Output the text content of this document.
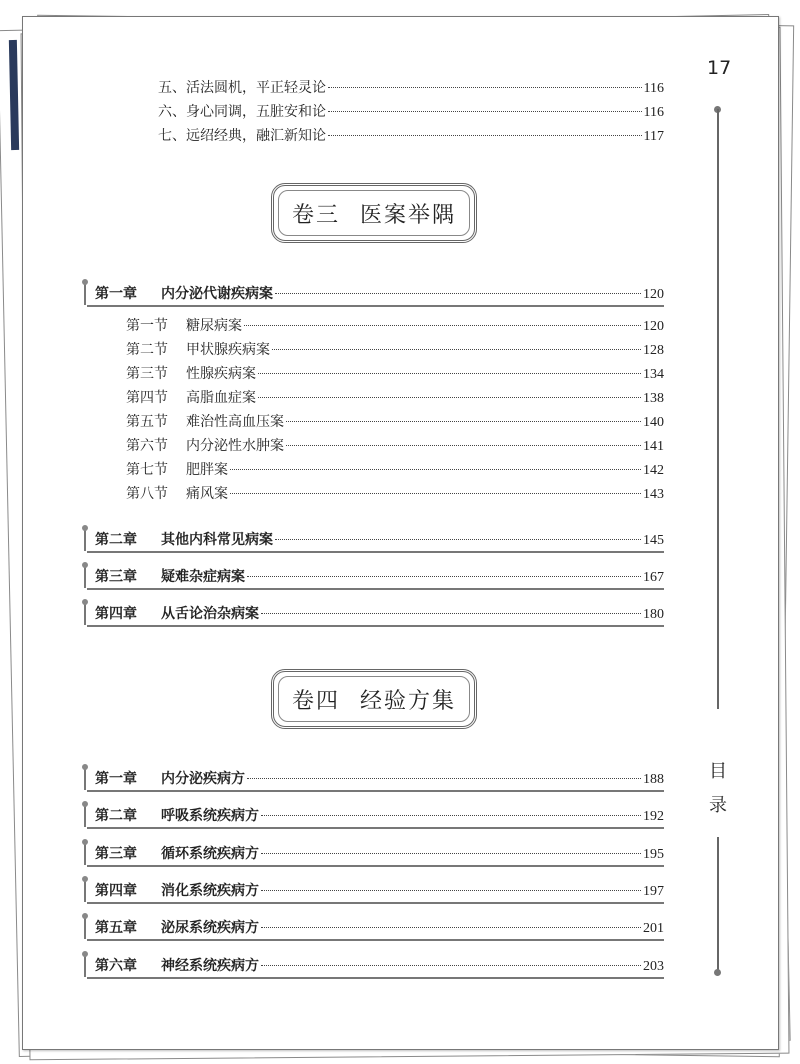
17
目
录
五、活法圆机，平正轻灵论	116
六、身心同调，五脏安和论	116
七、远绍经典，融汇新知论	117
卷三 医案举隅
第一章	内分泌代谢疾病案	120
第一节	糖尿病案	120
第二节	甲状腺疾病案	128
第三节	性腺疾病案	134
第四节	高脂血症案	138
第五节	难治性高血压案	140
第六节	内分泌性水肿案	141
第七节	肥胖案	142
第八节	痛风案	143
第二章	其他内科常见病案	145
第三章	疑难杂症病案	167
第四章	从舌论治杂病案	180
卷四 经验方集
第一章	内分泌疾病方	188
第二章	呼吸系统疾病方	192
第三章	循环系统疾病方	195
第四章	消化系统疾病方	197
第五章	泌尿系统疾病方	201
第六章	神经系统疾病方	203
